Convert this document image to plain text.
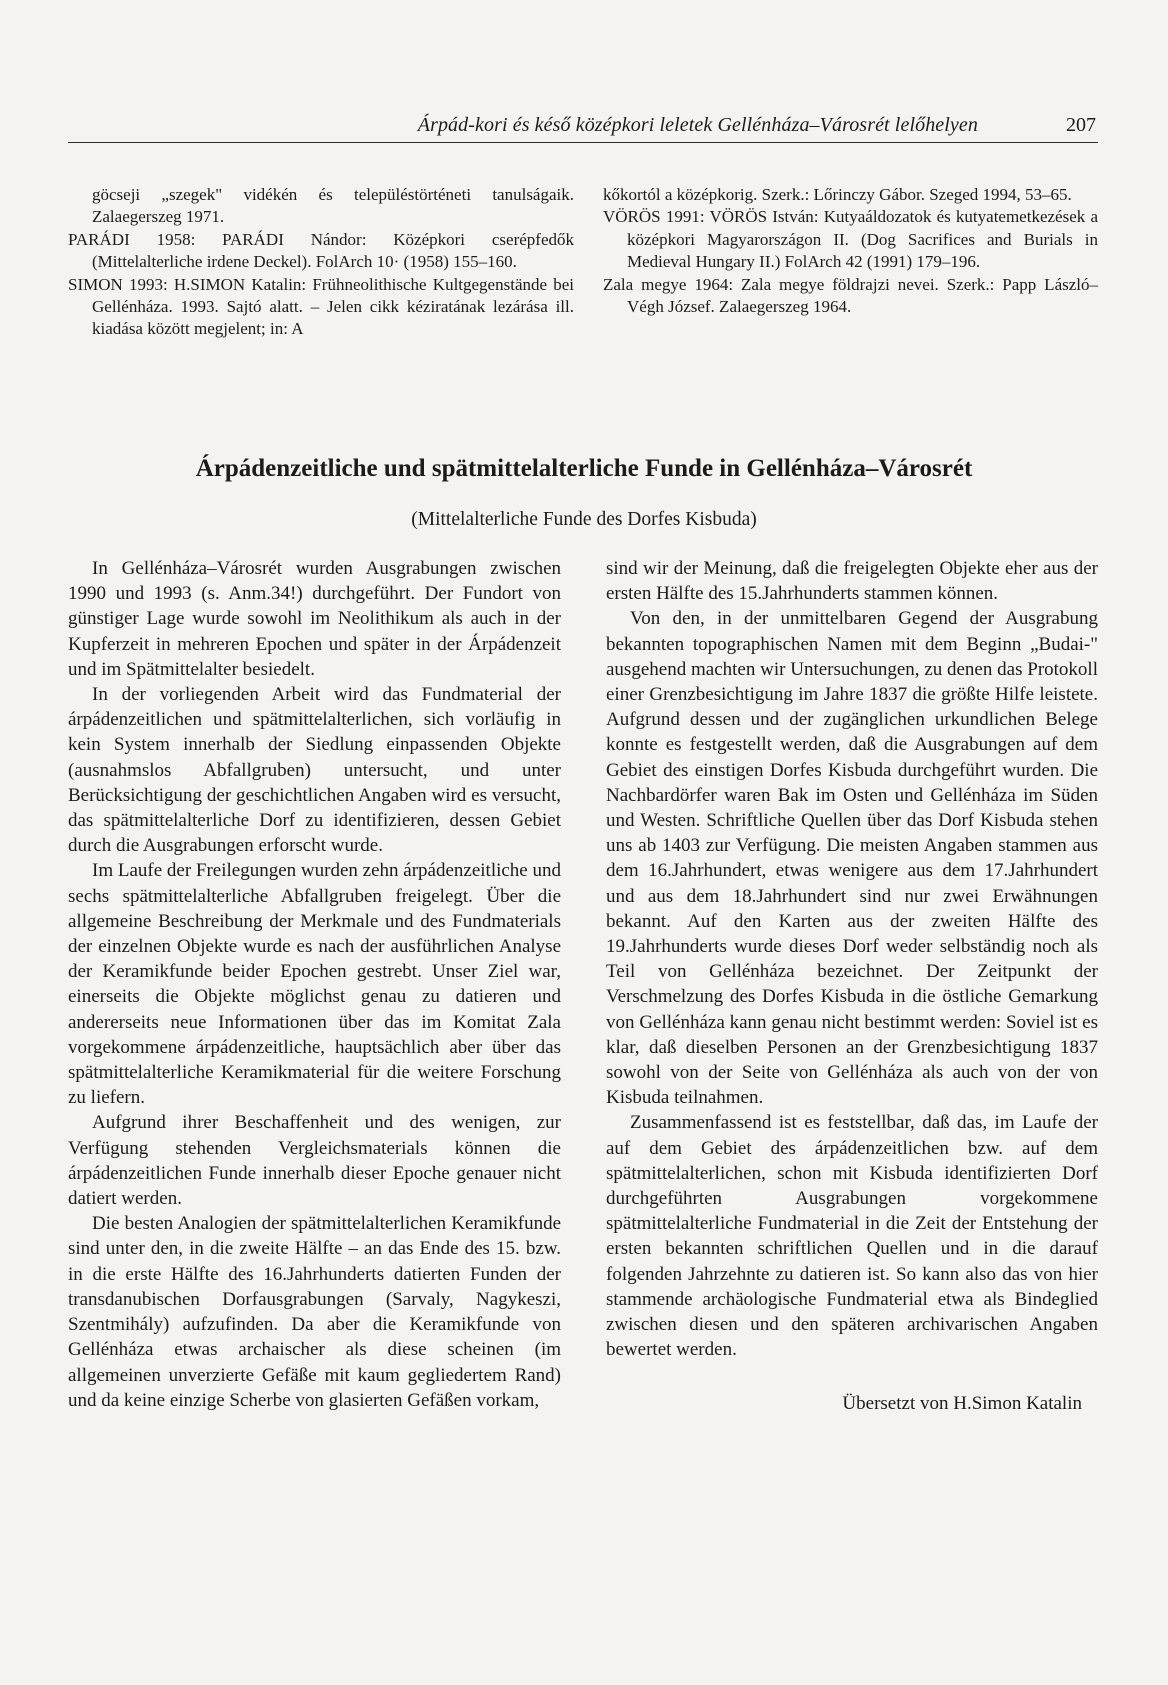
Árpád-kori és késő középkori leletek Gellénháza–Városrét lelőhelyen	207

göcseji „szegek" vidékén és településtörténeti tanulságaik. Zalaegerszeg 1971.

PARÁDI 1958: PARÁDI Nándor: Középkori cserépfedők (Mittelalterliche irdene Deckel). FolArch 10· (1958) 155–160.

SIMON 1993: H.SIMON Katalin: Frühneolithische Kultgegenstände bei Gellénháza. 1993. Sajtó alatt. – Jelen cikk kéziratának lezárása ill. kiadása között megjelent; in: A

kőkortól a középkorig. Szerk.: Lőrinczy Gábor. Szeged 1994, 53–65.

VÖRÖS 1991: VÖRÖS István: Kutyaáldozatok és kutyatemetkezések a középkori Magyarországon II. (Dog Sacrifices and Burials in Medieval Hungary II.) FolArch 42 (1991) 179–196.

Zala megye 1964: Zala megye földrajzi nevei. Szerk.: Papp László–Végh József. Zalaegerszeg 1964.

Árpádenzeitliche und spätmittelalterliche Funde in Gellénháza–Városrét
(Mittelalterliche Funde des Dorfes Kisbuda)

In Gellénháza–Városrét wurden Ausgrabungen zwischen 1990 und 1993 (s. Anm.34!) durchgeführt. Der Fundort von günstiger Lage wurde sowohl im Neolithikum als auch in der Kupferzeit in mehreren Epochen und später in der Árpádenzeit und im Spätmittelalter besiedelt.

In der vorliegenden Arbeit wird das Fundmaterial der árpádenzeitlichen und spätmittelalterlichen, sich vorläufig in kein System innerhalb der Siedlung einpassenden Objekte (ausnahmslos Abfallgruben) untersucht, und unter Berücksichtigung der geschichtlichen Angaben wird es versucht, das spätmittelalterliche Dorf zu identifizieren, dessen Gebiet durch die Ausgrabungen erforscht wurde.

Im Laufe der Freilegungen wurden zehn árpádenzeitliche und sechs spätmittelalterliche Abfallgruben freigelegt. Über die allgemeine Beschreibung der Merkmale und des Fundmaterials der einzelnen Objekte wurde es nach der ausführlichen Analyse der Keramikfunde beider Epochen gestrebt. Unser Ziel war, einerseits die Objekte möglichst genau zu datieren und andererseits neue Informationen über das im Komitat Zala vorgekommene árpádenzeitliche, hauptsächlich aber über das spätmittelalterliche Keramikmaterial für die weitere Forschung zu liefern.

Aufgrund ihrer Beschaffenheit und des wenigen, zur Verfügung stehenden Vergleichsmaterials können die árpádenzeitlichen Funde innerhalb dieser Epoche genauer nicht datiert werden.

Die besten Analogien der spätmittelalterlichen Keramikfunde sind unter den, in die zweite Hälfte – an das Ende des 15. bzw. in die erste Hälfte des 16.Jahrhunderts datierten Funden der transdanubischen Dorfausgrabungen (Sarvaly, Nagykeszi, Szentmihály) aufzufinden. Da aber die Keramikfunde von Gellénháza etwas archaischer als diese scheinen (im allgemeinen unverzierte Gefäße mit kaum gegliedertem Rand) und da keine einzige Scherbe von glasierten Gefäßen vorkam,

sind wir der Meinung, daß die freigelegten Objekte eher aus der ersten Hälfte des 15.Jahrhunderts stammen können.

Von den, in der unmittelbaren Gegend der Ausgrabung bekannten topographischen Namen mit dem Beginn „Budai-" ausgehend machten wir Untersuchungen, zu denen das Protokoll einer Grenzbesichtigung im Jahre 1837 die größte Hilfe leistete. Aufgrund dessen und der zugänglichen urkundlichen Belege konnte es festgestellt werden, daß die Ausgrabungen auf dem Gebiet des einstigen Dorfes Kisbuda durchgeführt wurden. Die Nachbardörfer waren Bak im Osten und Gellénháza im Süden und Westen. Schriftliche Quellen über das Dorf Kisbuda stehen uns ab 1403 zur Verfügung. Die meisten Angaben stammen aus dem 16.Jahrhundert, etwas wenigere aus dem 17.Jahrhundert und aus dem 18.Jahrhundert sind nur zwei Erwähnungen bekannt. Auf den Karten aus der zweiten Hälfte des 19.Jahrhunderts wurde dieses Dorf weder selbständig noch als Teil von Gellénháza bezeichnet. Der Zeitpunkt der Verschmelzung des Dorfes Kisbuda in die östliche Gemarkung von Gellénháza kann genau nicht bestimmt werden: Soviel ist es klar, daß dieselben Personen an der Grenzbesichtigung 1837 sowohl von der Seite von Gellénháza als auch von der von Kisbuda teilnahmen.

Zusammenfassend ist es feststellbar, daß das, im Laufe der auf dem Gebiet des árpádenzeitlichen bzw. auf dem spätmittelalterlichen, schon mit Kisbuda identifizierten Dorf durchgeführten Ausgrabungen vorgekommene spätmittelalterliche Fundmaterial in die Zeit der Entstehung der ersten bekannten schriftlichen Quellen und in die darauf folgenden Jahrzehnte zu datieren ist. So kann also das von hier stammende archäologische Fundmaterial etwa als Bindeglied zwischen diesen und den späteren archivarischen Angaben bewertet werden.

Übersetzt von H.Simon Katalin
